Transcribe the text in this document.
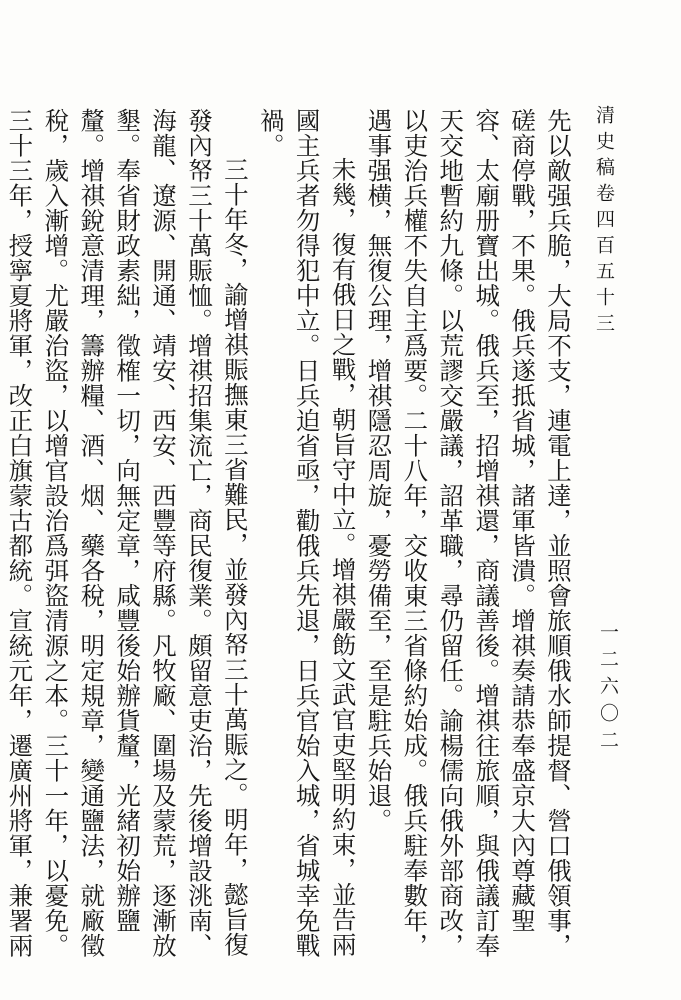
清史稿卷四百五十三

先以敵强兵脆，大局不支，連電上達，並照會旅順俄水師提督、營口俄領事，磋商停戰，不果。俄兵遂抵省城，諸軍皆潰。增祺奏請恭奉盛京大內尊藏聖容、太廟册寶出城。俄兵至，招增祺還，商議善後。增祺往旅順，與俄議訂奉天交地暫約九條。以荒謬交嚴議，詔革職，尋仍留任。諭楊儒向俄外部商改，以吏治兵權不失自主爲要。二十八年，交收東三省條約始成。俄兵駐奉數年，遇事强横，無復公理，增祺隱忍周旋，憂勞備至，至是駐兵始退。

未幾，復有俄日之戰，朝旨守中立。增祺嚴飭文武官吏堅明約束，並告兩國主兵者勿得犯中立。日兵迫省亟，勸俄兵先退，日兵官始入城，省城幸免戰禍。

三十年冬，諭增祺賑撫東三省難民，並發內帑三十萬賑之。明年，懿旨復發內帑三十萬賑恤。增祺招集流亡，商民復業。頗留意吏治，先後增設洮南、海龍、遼源、開通、靖安、西安、西豐等府縣。凡牧廠、圍場及蒙荒，逐漸放墾。奉省財政素絀，徵榷一切，向無定章，咸豐後始辦貨釐，光緒初始辦鹽釐。增祺銳意清理，籌辦糧、酒、烟、藥各稅，明定規章，變通鹽法，就廠徵稅，歲入漸增。尤嚴治盜，以增官設治爲弭盜清源之本。三十一年，以憂免。三十三年，授寧夏將軍，改正白旗蒙古都統。宣統元年，遷廣州將軍，兼署兩

一二六〇二
